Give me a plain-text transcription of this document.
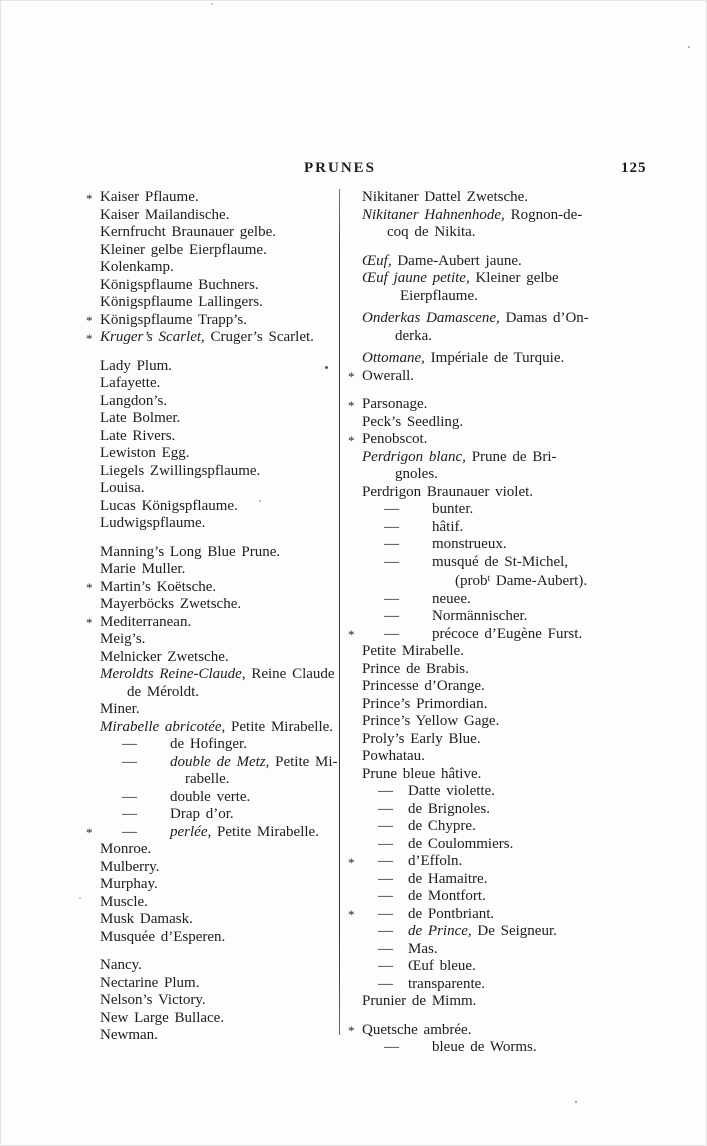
PRUNES	125
* Kaiser Pflaume.
Kaiser Mailandische.
Kernfrucht Braunauer gelbe.
Kleiner gelbe Eierpflaume.
Kolenkamp.
Königspflaume Buchners.
Königspflaume Lallingers.
* Königspflaume Trapp’s.
* Kruger’s Scarlet, Cruger’s Scarlet.
Lady Plum.
Lafayette.
Langdon’s.
Late Bolmer.
Late Rivers.
Lewiston Egg.
Liegels Zwillingspflaume.
Louisa.
Lucas Königspflaume.
Ludwigspflaume.
Manning’s Long Blue Prune.
Marie Muller.
* Martin’s Koëtsche.
Mayerböcks Zwetsche.
* Mediterranean.
Meig’s.
Melnicker Zwetsche.
Meroldts Reine-Claude, Reine Claude
de Méroldt.
Miner.
Mirabelle abricotée, Petite Mirabelle.
— de Hofinger.
— double de Metz, Petite Mi-
rabelle.
— double verte.
— Drap d’or.
* — perlée, Petite Mirabelle.
Monroe.
Mulberry.
Murphay.
Muscle.
Musk Damask.
Musquée d’Esperen.
Nancy.
Nectarine Plum.
Nelson’s Victory.
New Large Bullace.
Newman.
Nikitaner Dattel Zwetsche.
Nikitaner Hahnenhode, Rognon-de-
coq de Nikita.
Œuf, Dame-Aubert jaune.
Œuf jaune petite, Kleiner gelbe
Eierpflaume.
Onderkas Damascene, Damas d’On-
derka.
Ottomane, Impériale de Turquie.
* Owerall.
* Parsonage.
Peck’s Seedling.
* Penobscot.
Perdrigon blanc, Prune de Bri-
gnoles.
Perdrigon Braunauer violet.
— bunter.
— hâtif.
— monstrueux.
— musqué de St-Michel,
(prob$^t$ Dame-Aubert).
— neuee.
— Normännischer.
* — précoce d’Eugène Furst.
Petite Mirabelle.
Prince de Brabis.
Princesse d’Orange.
Prince’s Primordian.
Prince’s Yellow Gage.
Proly’s Early Blue.
Powhatau.
Prune bleue hâtive.
— Datte violette.
— de Brignoles.
— de Chypre.
— de Coulommiers.
* — d’Effoln.
— de Hamaitre.
— de Montfort.
* — de Pontbriant.
— de Prince, De Seigneur.
— Mas.
— Œuf bleue.
— transparente.
Prunier de Mimm.
* Quetsche ambrée.
— bleue de Worms.
